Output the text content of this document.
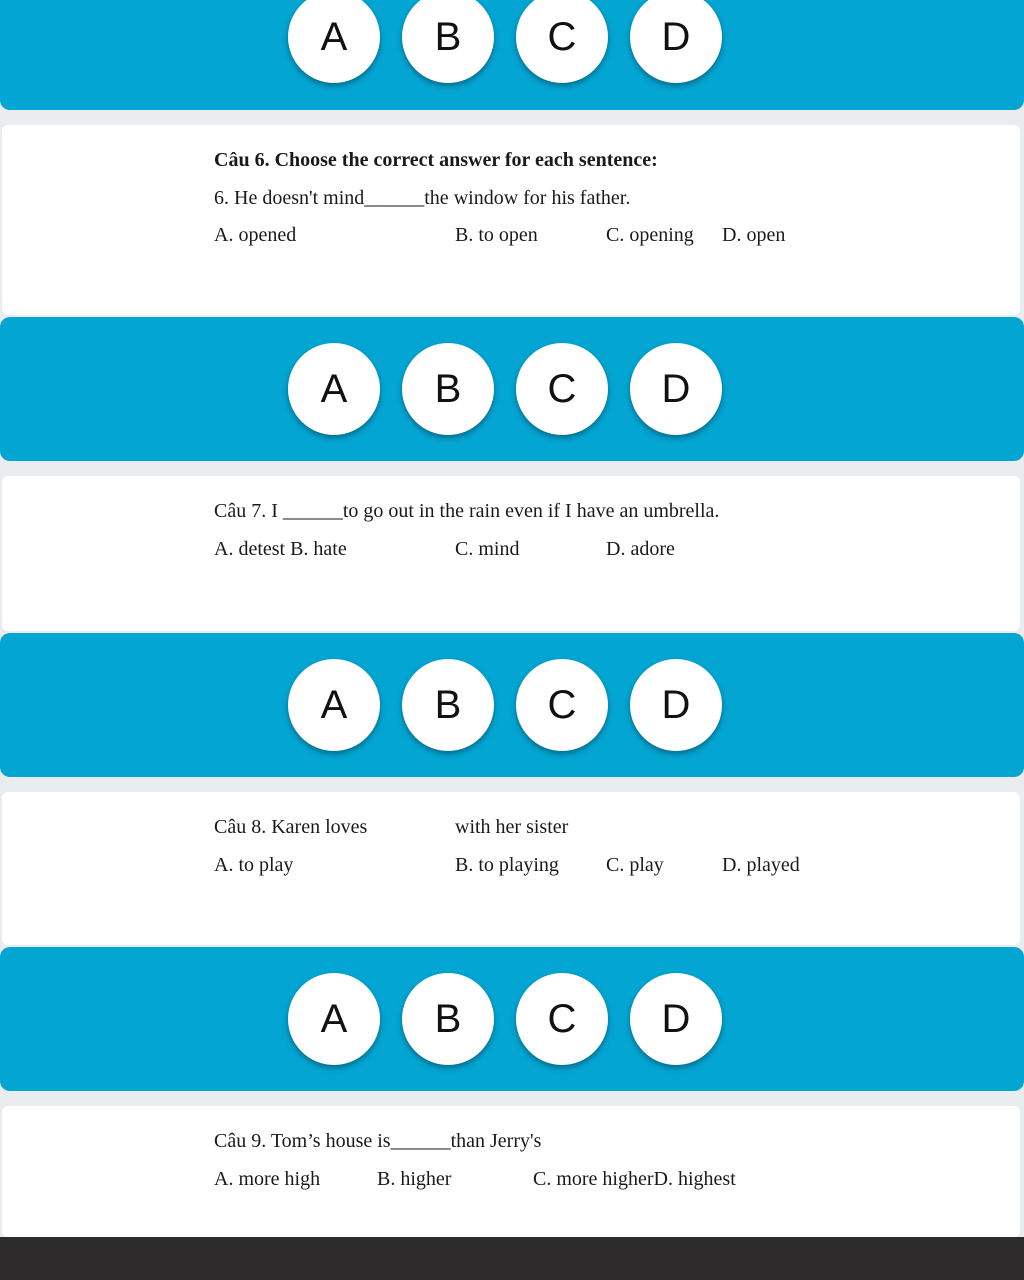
A	B	C	D
Câu 6. Choose the correct answer for each sentence:
6. He doesn't mind______the window for his father.
A. opened	B. to open	C. opening D. open
A	B	C	D
Câu 7. I ______to go out in the rain even if I have an umbrella.
A. detest B. hate	C. mind	D. adore
A	B	C	D
Câu 8. Karen loves	with her sister
A. to play	B. to playing C. play	D. played
A	B	C	D
Câu 9. Tom’s house is______than Jerry's
A. more high	B. higher	C. more higherD. highest
